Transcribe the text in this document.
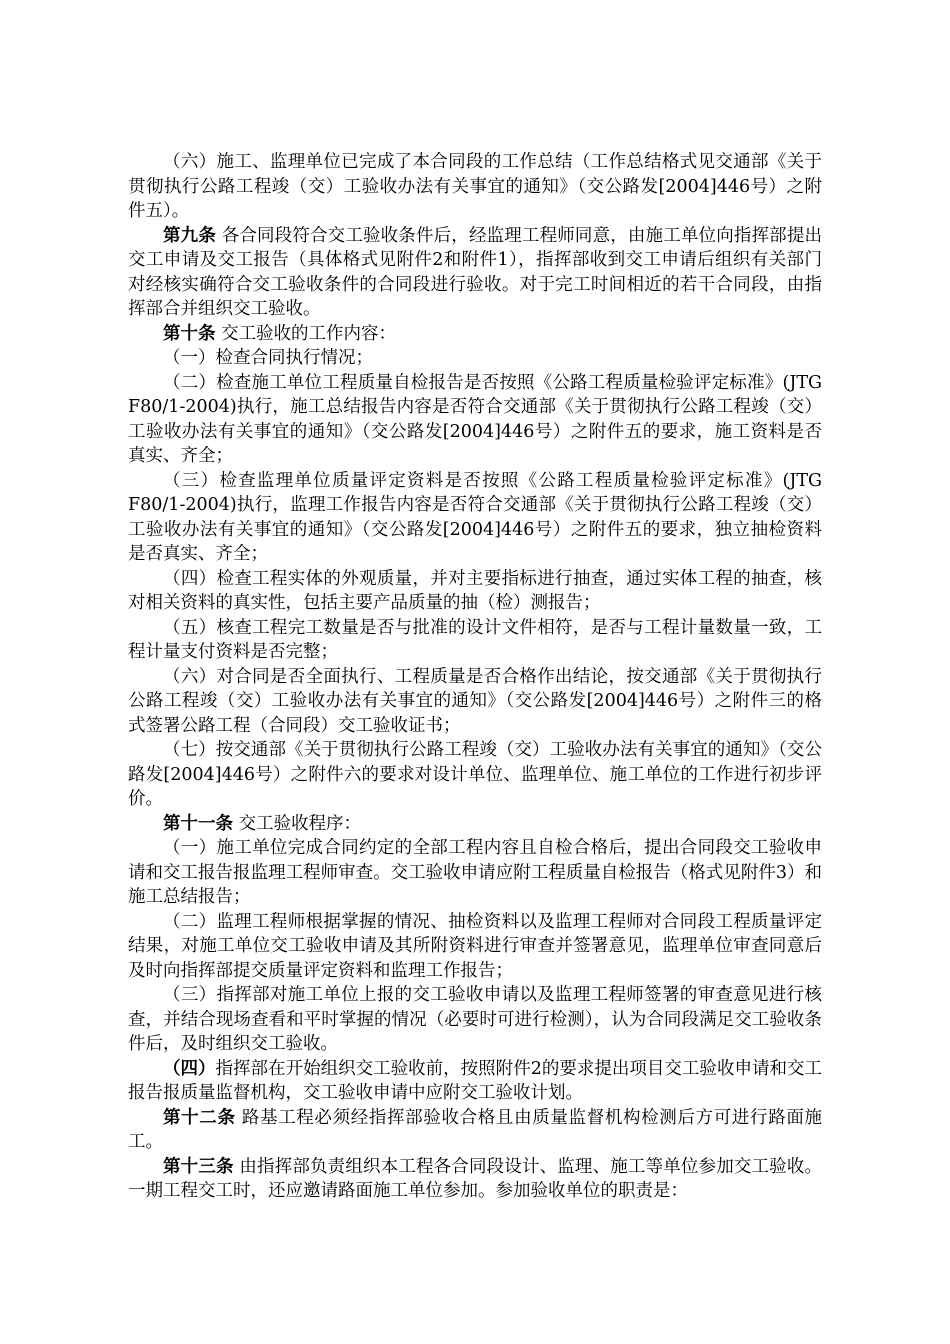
（六）施工、监理单位已完成了本合同段的工作总结（工作总结格式见交通部《关于贯彻执行公路工程竣（交）工验收办法有关事宜的通知》（交公路发[2004]446号）之附件五）。

第九条 各合同段符合交工验收条件后，经监理工程师同意，由施工单位向指挥部提出交工申请及交工报告（具体格式见附件2和附件1），指挥部收到交工申请后组织有关部门对经核实确符合交工验收条件的合同段进行验收。对于完工时间相近的若干合同段，由指挥部合并组织交工验收。

第十条 交工验收的工作内容：

（一）检查合同执行情况；

（二）检查施工单位工程质量自检报告是否按照《公路工程质量检验评定标准》(JTG F80/1-2004)执行，施工总结报告内容是否符合交通部《关于贯彻执行公路工程竣（交）工验收办法有关事宜的通知》（交公路发[2004]446号）之附件五的要求，施工资料是否真实、齐全；

（三）检查监理单位质量评定资料是否按照《公路工程质量检验评定标准》(JTG F80/1-2004)执行，监理工作报告内容是否符合交通部《关于贯彻执行公路工程竣（交）工验收办法有关事宜的通知》（交公路发[2004]446号）之附件五的要求，独立抽检资料是否真实、齐全；

（四）检查工程实体的外观质量，并对主要指标进行抽查，通过实体工程的抽查，核对相关资料的真实性，包括主要产品质量的抽（检）测报告；

（五）核查工程完工数量是否与批准的设计文件相符，是否与工程计量数量一致，工程计量支付资料是否完整；

（六）对合同是否全面执行、工程质量是否合格作出结论，按交通部《关于贯彻执行公路工程竣（交）工验收办法有关事宜的通知》（交公路发[2004]446号）之附件三的格式签署公路工程（合同段）交工验收证书；

（七）按交通部《关于贯彻执行公路工程竣（交）工验收办法有关事宜的通知》（交公路发[2004]446号）之附件六的要求对设计单位、监理单位、施工单位的工作进行初步评价。

第十一条 交工验收程序：

（一）施工单位完成合同约定的全部工程内容且自检合格后，提出合同段交工验收申请和交工报告报监理工程师审查。交工验收申请应附工程质量自检报告（格式见附件3）和施工总结报告；

（二）监理工程师根据掌握的情况、抽检资料以及监理工程师对合同段工程质量评定结果，对施工单位交工验收申请及其所附资料进行审查并签署意见，监理单位审查同意后及时向指挥部提交质量评定资料和监理工作报告；

（三）指挥部对施工单位上报的交工验收申请以及监理工程师签署的审查意见进行核查，并结合现场查看和平时掌握的情况（必要时可进行检测），认为合同段满足交工验收条件后，及时组织交工验收。

（四）指挥部在开始组织交工验收前，按照附件2的要求提出项目交工验收申请和交工报告报质量监督机构，交工验收申请中应附交工验收计划。

第十二条 路基工程必须经指挥部验收合格且由质量监督机构检测后方可进行路面施工。

第十三条 由指挥部负责组织本工程各合同段设计、监理、施工等单位参加交工验收。一期工程交工时，还应邀请路面施工单位参加。参加验收单位的职责是：
